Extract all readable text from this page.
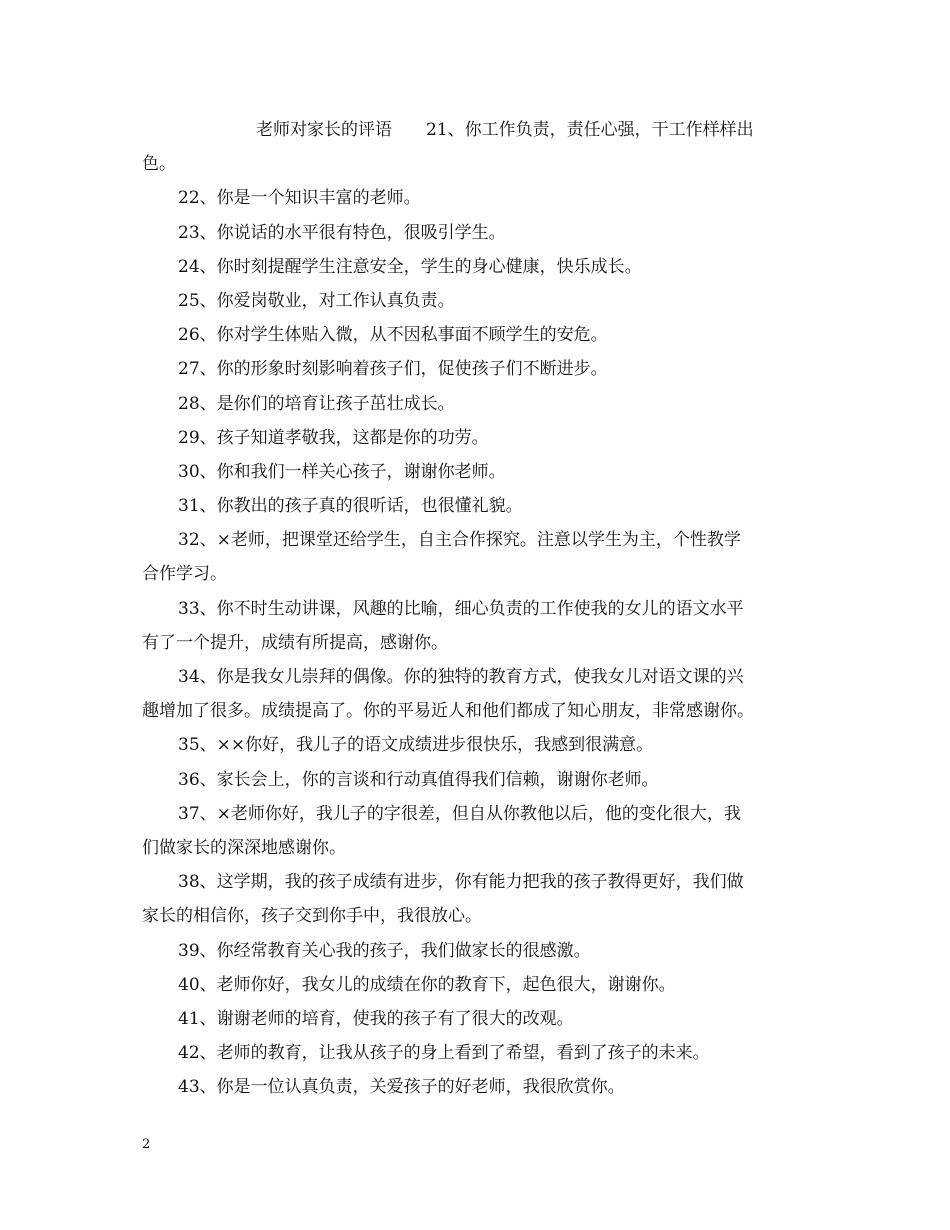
老师对家长的评语 21、你工作负责，责任心强，干工作样样出
色。
22、你是一个知识丰富的老师。
23、你说话的水平很有特色，很吸引学生。
24、你时刻提醒学生注意安全，学生的身心健康，快乐成长。
25、你爱岗敬业，对工作认真负责。
26、你对学生体贴入微，从不因私事面不顾学生的安危。
27、你的形象时刻影响着孩子们，促使孩子们不断进步。
28、是你们的培育让孩子茁壮成长。
29、孩子知道孝敬我，这都是你的功劳。
30、你和我们一样关心孩子，谢谢你老师。
31、你教出的孩子真的很听话，也很懂礼貌。
32、×老师，把课堂还给学生，自主合作探究。注意以学生为主，个性教学
合作学习。
33、你不时生动讲课，风趣的比喻，细心负责的工作使我的女儿的语文水平
有了一个提升，成绩有所提高，感谢你。
34、你是我女儿崇拜的偶像。你的独特的教育方式，使我女儿对语文课的兴
趣增加了很多。成绩提高了。你的平易近人和他们都成了知心朋友，非常感谢你。
35、××你好，我儿子的语文成绩进步很快乐，我感到很满意。
36、家长会上，你的言谈和行动真值得我们信赖，谢谢你老师。
37、×老师你好，我儿子的字很差，但自从你教他以后，他的变化很大，我
们做家长的深深地感谢你。
38、这学期，我的孩子成绩有进步，你有能力把我的孩子教得更好，我们做
家长的相信你，孩子交到你手中，我很放心。
39、你经常教育关心我的孩子，我们做家长的很感激。
40、老师你好，我女儿的成绩在你的教育下，起色很大，谢谢你。
41、谢谢老师的培育，使我的孩子有了很大的改观。
42、老师的教育，让我从孩子的身上看到了希望，看到了孩子的未来。
43、你是一位认真负责，关爱孩子的好老师，我很欣赏你。
2
